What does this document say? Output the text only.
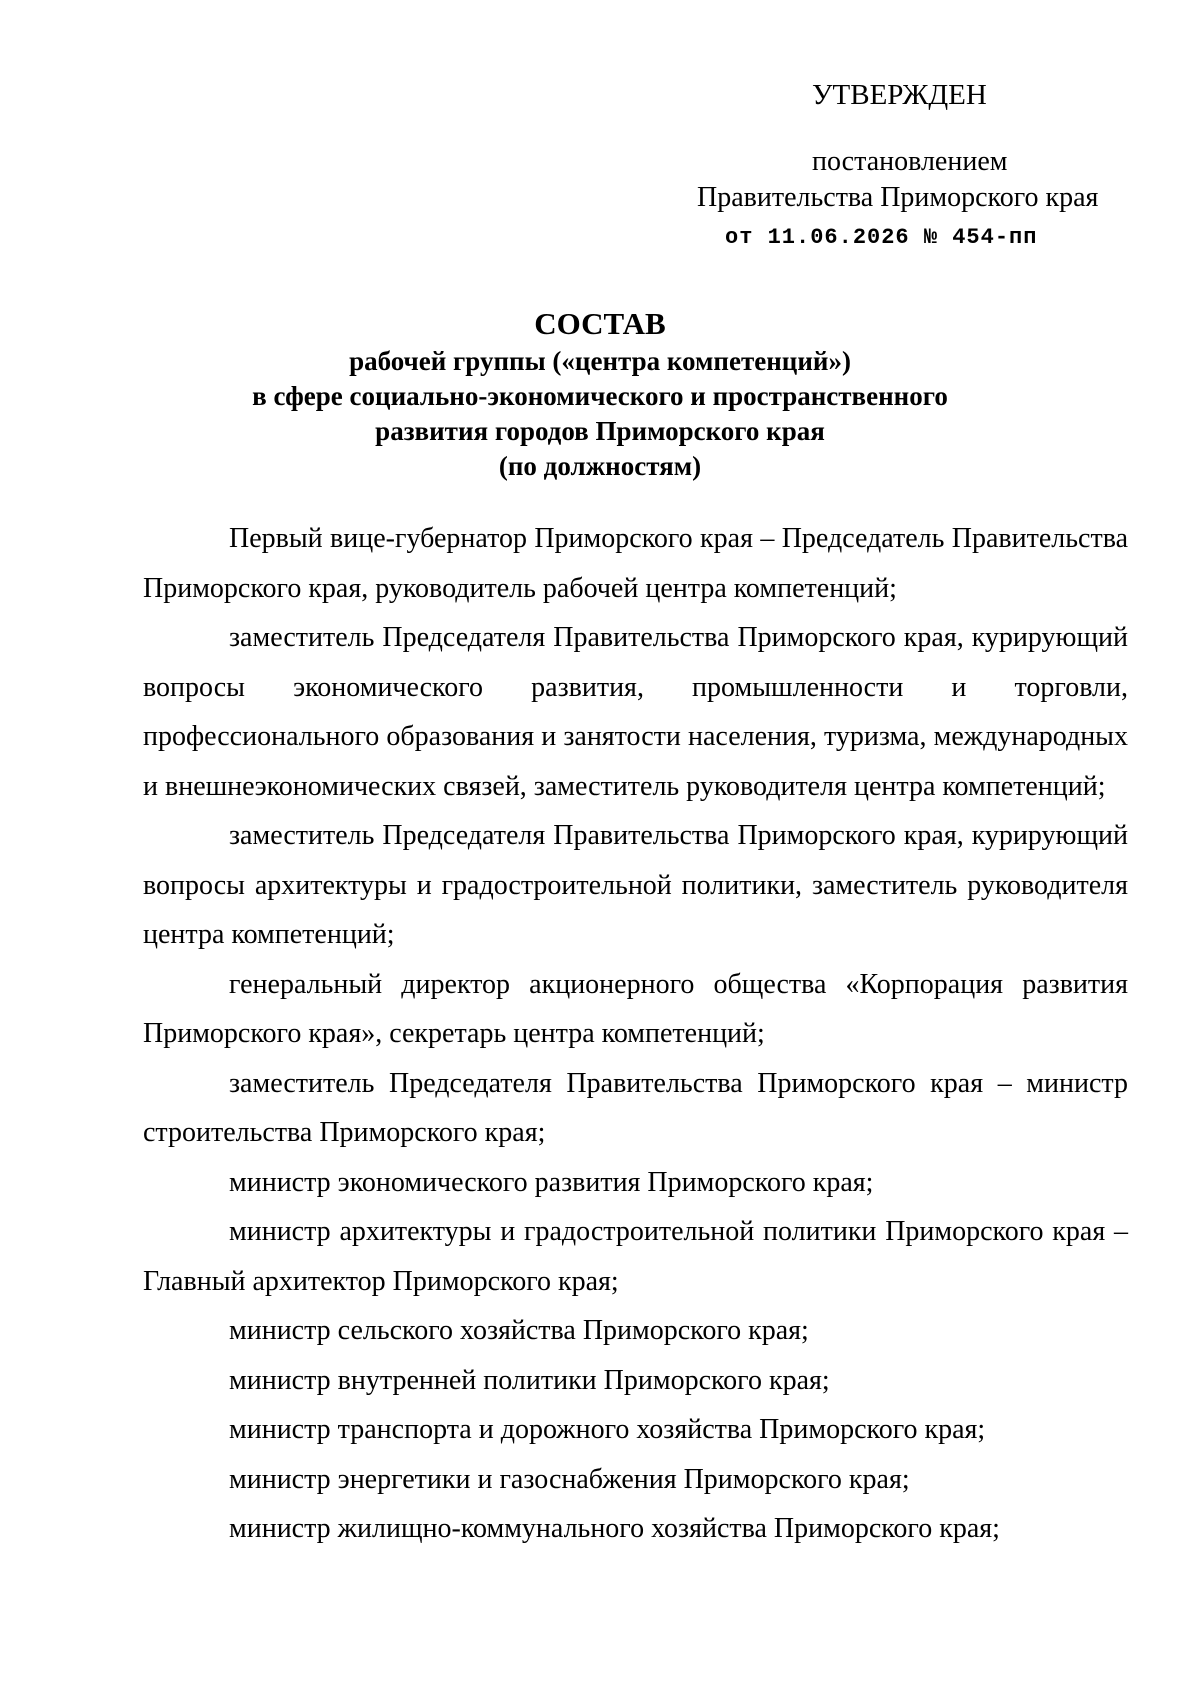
УТВЕРЖДЕН
постановлением
Правительства Приморского края
от 11.06.2026 № 454-пп

СОСТАВ

рабочей группы («центра компетенций»)

в сфере социально-экономического и пространственного

развития городов Приморского края

(по должностям)

Первый вице-губернатор Приморского края – Председатель Правительства Приморского края, руководитель рабочей центра компетенций;

заместитель Председателя Правительства Приморского края, курирующий вопросы экономического развития, промышленности и торговли, профессионального образования и занятости населения, туризма, международных и внешнеэкономических связей, заместитель руководителя центра компетенций;

заместитель Председателя Правительства Приморского края, курирующий вопросы архитектуры и градостроительной политики, заместитель руководителя центра компетенций;

генеральный директор акционерного общества «Корпорация развития Приморского края», секретарь центра компетенций;

заместитель Председателя Правительства Приморского края – министр строительства Приморского края;

министр экономического развития Приморского края;

министр архитектуры и градостроительной политики Приморского края – Главный архитектор Приморского края;

министр сельского хозяйства Приморского края;

министр внутренней политики Приморского края;

министр транспорта и дорожного хозяйства Приморского края;

министр энергетики и газоснабжения Приморского края;

министр жилищно-коммунального хозяйства Приморского края;
